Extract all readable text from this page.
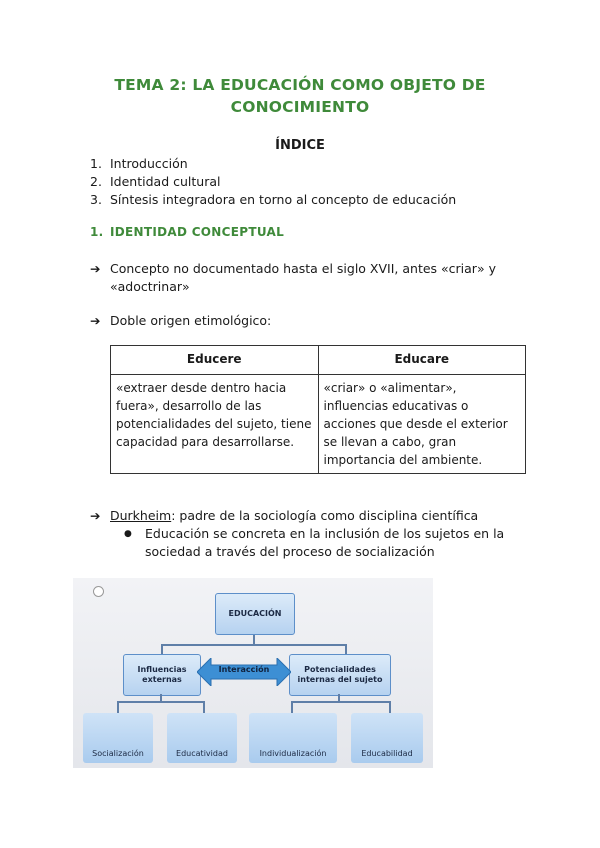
TEMA 2: LA EDUCACIÓN COMO OBJETO DE
CONOCIMIENTO
ÍNDICE
1. Introducción
2. Identidad cultural
3. Síntesis integradora en torno al concepto de educación
1. IDENTIDAD CONCEPTUAL
➔ Concepto no documentado hasta el siglo XVII, antes «criar» y
«adoctrinar»
➔ Doble origen etimológico:
Educere	Educare
«extraer desde dentro hacia fuera», desarrollo de las potencialidades del sujeto, tiene capacidad para desarrollarse.	«criar» o «alimentar», influencias educativas o acciones que desde el exterior se llevan a cabo, gran importancia del ambiente.
➔ Durkheim: padre de la sociología como disciplina científica
● Educación se concreta en la inclusión de los sujetos en la sociedad a través del proceso de socialización
EDUCACIÓN
Influencias externas
Potencialidades internas del sujeto
Interacción
Socialización	Educatividad	Individualización	Educabilidad
